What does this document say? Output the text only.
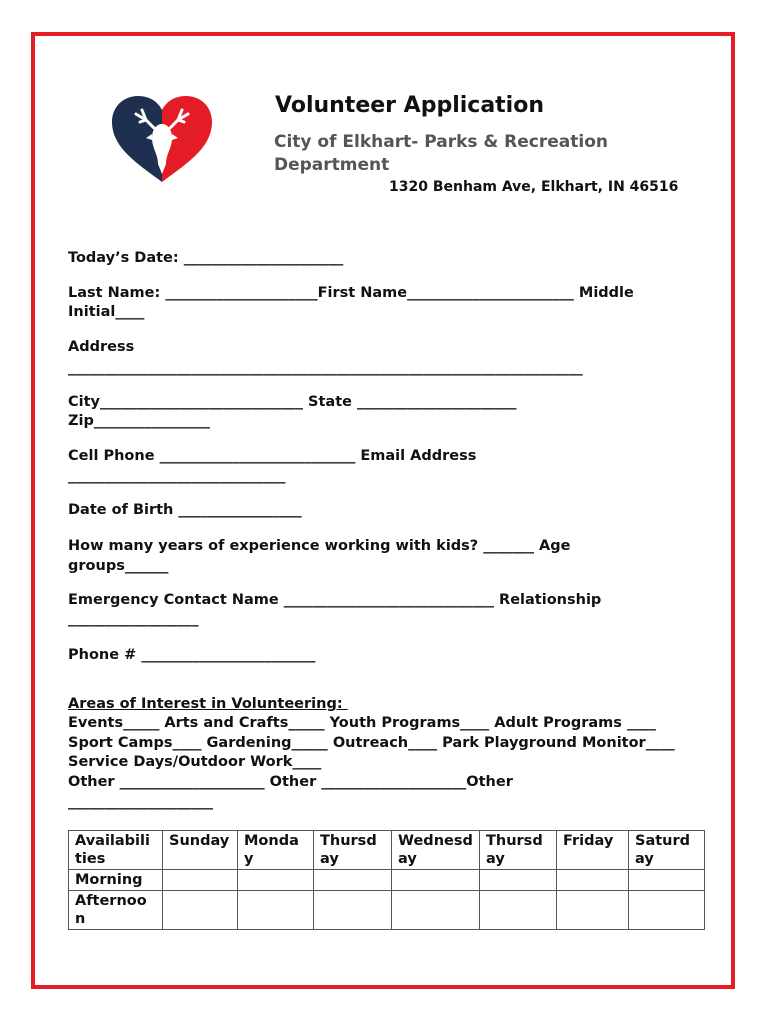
Volunteer Application
City of Elkhart- Parks & Recreation Department
1320 Benham Ave, Elkhart, IN 46516
Today’s Date: ______________________
Last Name: _____________________First Name_______________________ Middle
Initial____
Address
_______________________________________________________________________
City____________________________ State ______________________
Zip________________
Cell Phone ___________________________ Email Address
______________________________
Date of Birth _________________
How many years of experience working with kids? _______ Age
groups______
Emergency Contact Name _____________________________ Relationship
__________________
Phone # ________________________
Areas of Interest in Volunteering:
Events_____ Arts and Crafts_____ Youth Programs____ Adult Programs ____
Sport Camps____ Gardening_____ Outreach____ Park Playground Monitor____
Service Days/Outdoor Work____
Other ____________________ Other ____________________Other
____________________
Availabilities	Sunday	Monday	Thursday	Wednesday	Thursday	Friday	Saturday
Morning							
Afternoon							
